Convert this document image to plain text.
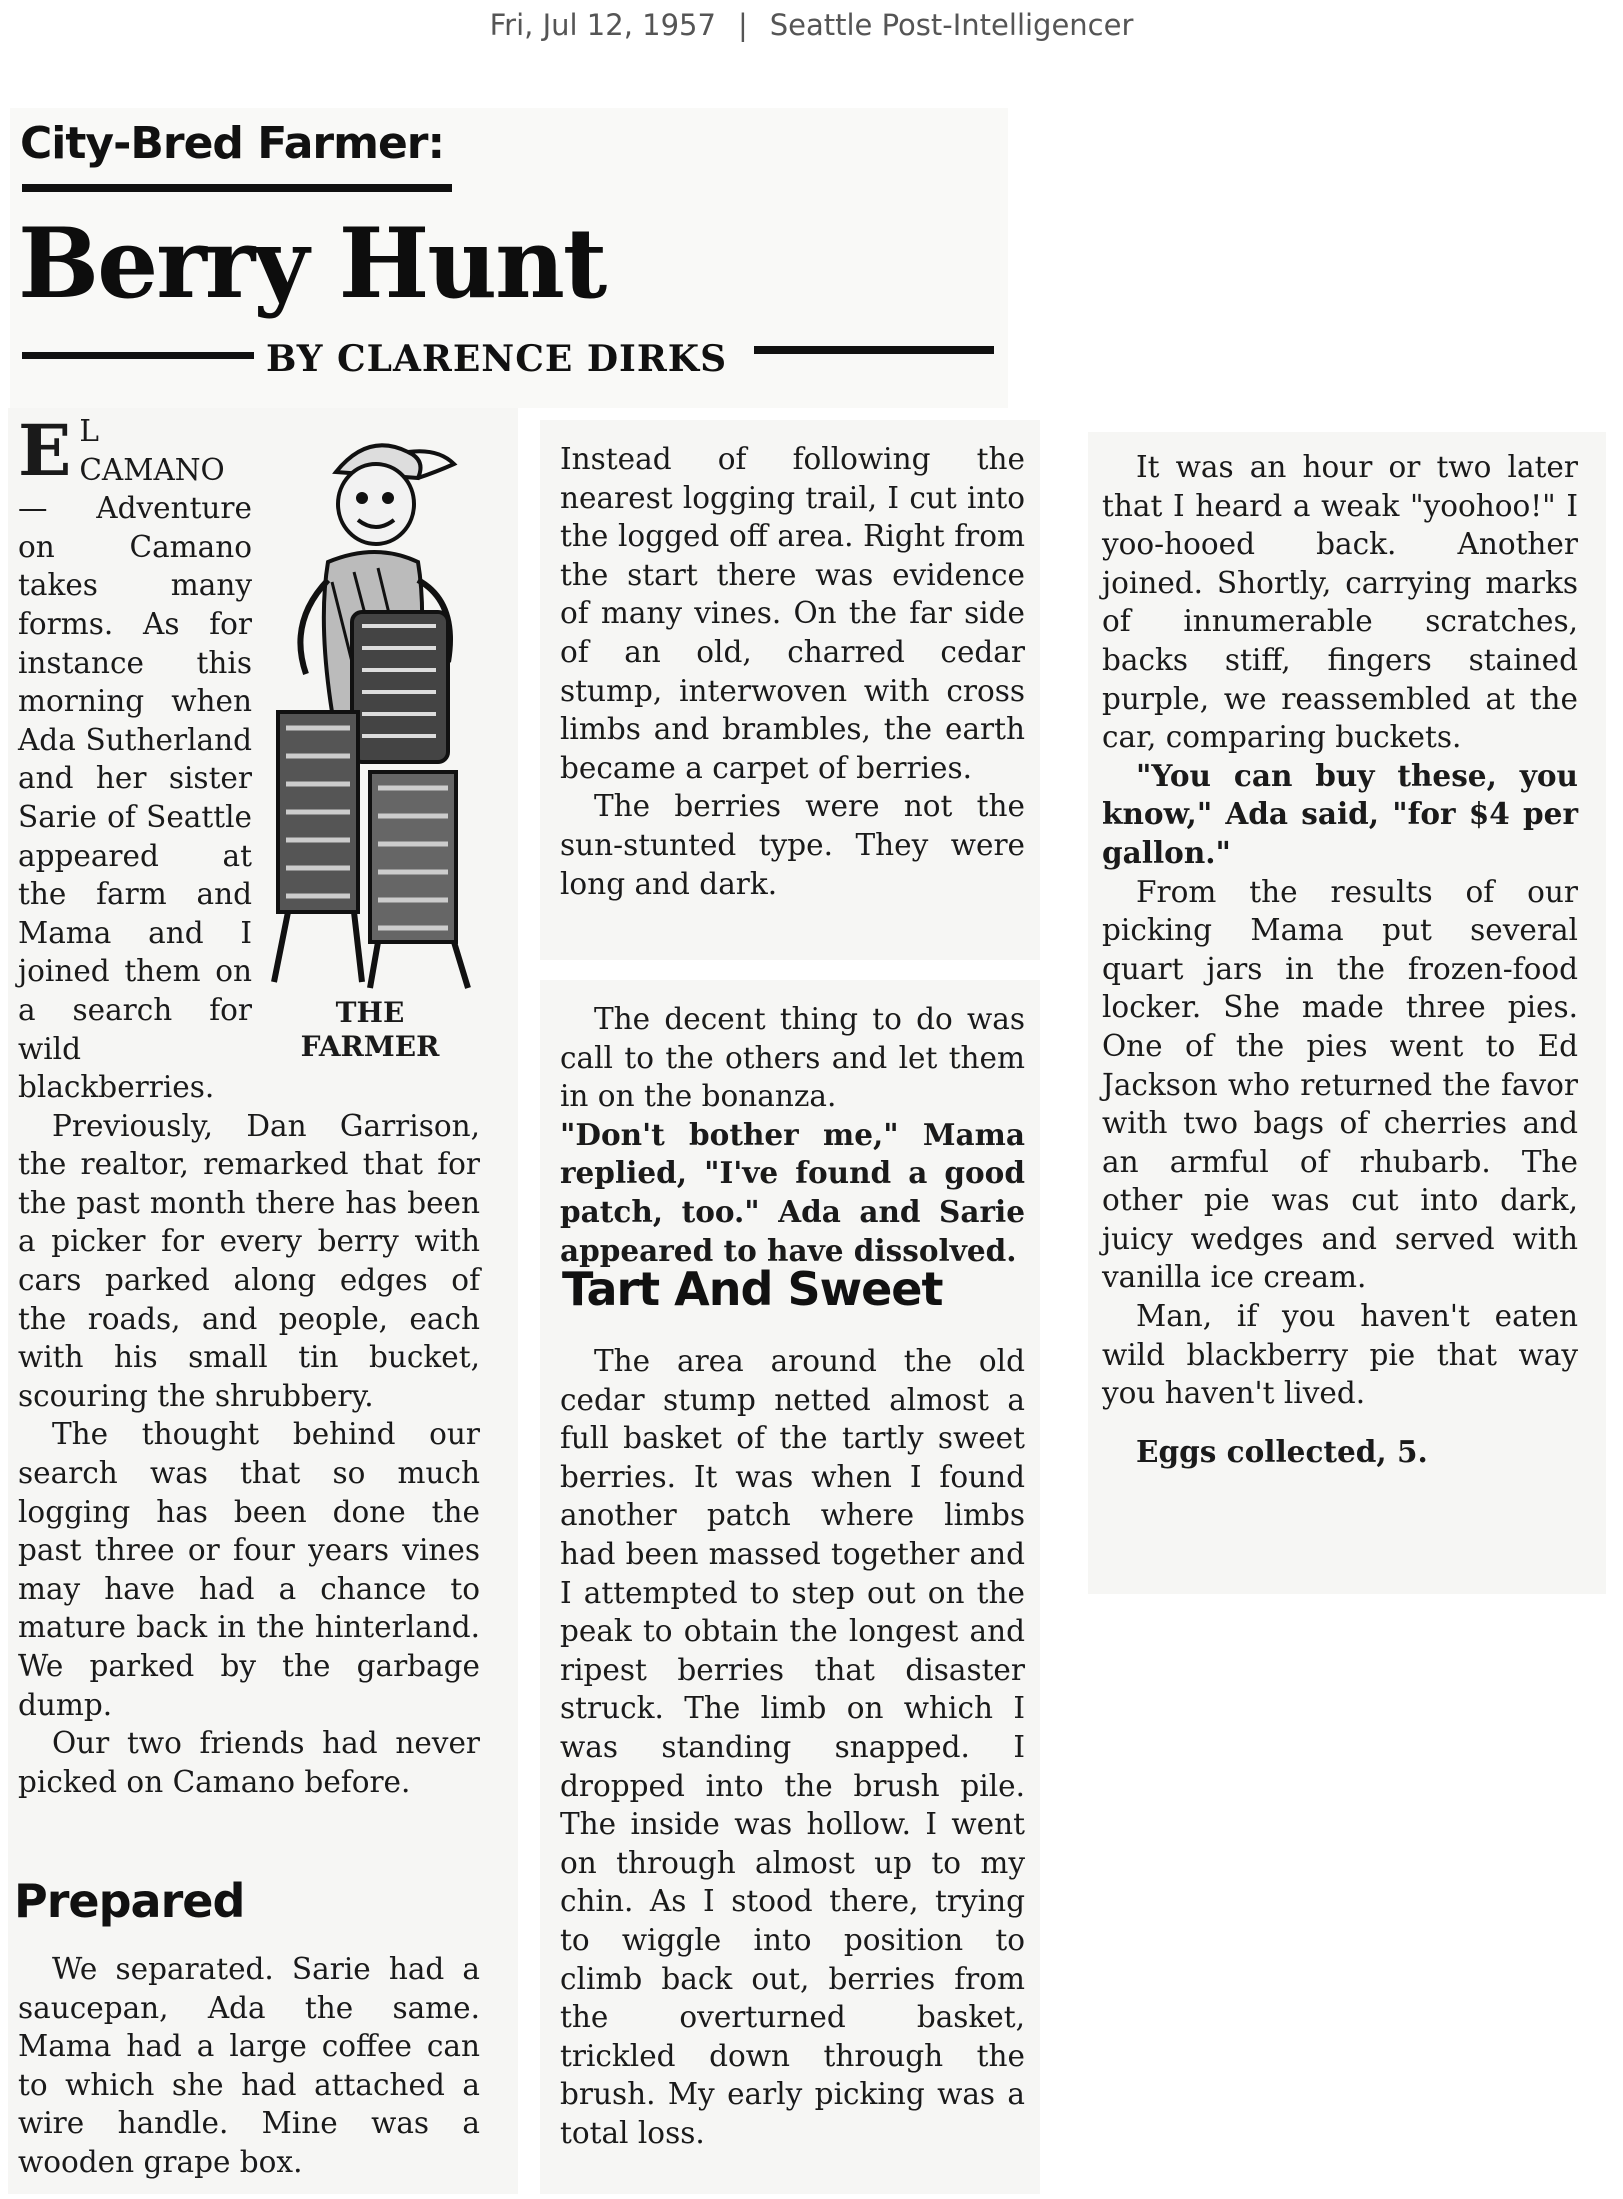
Fri, Jul 12, 1957 | Seattle Post-Intelligencer
City-Bred Farmer:
Berry Hunt
BY CLARENCE DIRKS
E
THE
FARMER

L CAMANO — Adventure on Camano takes many forms. As for instance this morning when Ada Sutherland and her sister Sarie of Seattle appeared at the farm and Mama and I joined them on a search for wild blackberries.

Previously, Dan Garrison, the realtor, remarked that for the past month there has been a picker for every berry with cars parked along edges of the roads, and people, each with his small tin bucket, scouring the shrubbery.

The thought behind our search was that so much logging has been done the past three or four years vines may have had a chance to mature back in the hinterland. We parked by the garbage dump.

Our two friends had never picked on Camano before.

Prepared

We separated. Sarie had a saucepan, Ada the same. Mama had a large coffee can to which she had attached a wire handle. Mine was a wooden grape box.

Instead of following the nearest logging trail, I cut into the logged off area. Right from the start there was evidence of many vines. On the far side of an old, charred cedar stump, interwoven with cross limbs and brambles, the earth became a carpet of berries.

The berries were not the sun-stunted type. They were long and dark.

The decent thing to do was call to the others and let them in on the bonanza.

"Don't bother me," Mama replied, "I've found a good patch, too." Ada and Sarie appeared to have dissolved.

Tart And Sweet

The area around the old cedar stump netted almost a full basket of the tartly sweet berries. It was when I found another patch where limbs had been massed together and I attempted to step out on the peak to obtain the longest and ripest berries that disaster struck. The limb on which I was standing snapped. I dropped into the brush pile. The inside was hollow. I went on through almost up to my chin. As I stood there, trying to wiggle into position to climb back out, berries from the overturned basket, trickled down through the brush. My early picking was a total loss.

It was an hour or two later that I heard a weak "yoohoo!" I yoo-hooed back. Another joined. Shortly, carrying marks of innumerable scratches, backs stiff, fingers stained purple, we reassembled at the car, comparing buckets.

"You can buy these, you know," Ada said, "for $4 per gallon."

From the results of our picking Mama put several quart jars in the frozen-food locker. She made three pies. One of the pies went to Ed Jackson who returned the favor with two bags of cherries and an armful of rhubarb. The other pie was cut into dark, juicy wedges and served with vanilla ice cream.

Man, if you haven't eaten wild blackberry pie that way you haven't lived.

Eggs collected, 5.
